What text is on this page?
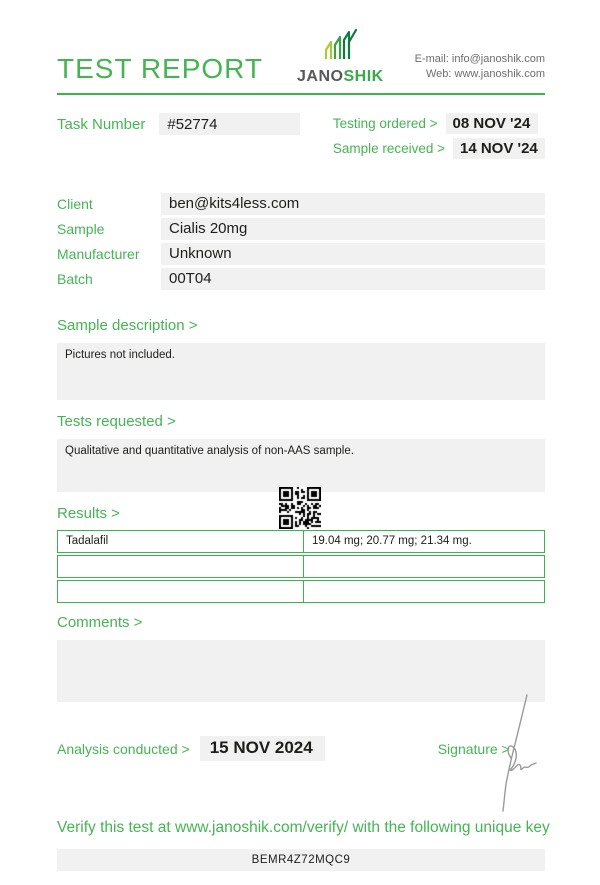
TEST REPORT JANOSHIK
E-mail: info@janoshik.com
Web: www.janoshik.com
Task Number	#52774	Testing ordered >	08 NOV '24
Sample received >	14 NOV '24
Client	ben@kits4less.com
Sample	Cialis 20mg
Manufacturer	Unknown
Batch	00T04
Sample description >
Pictures not included.
Tests requested >
Qualitative and quantitative analysis of non-AAS sample.
Results >
Tadalafil	19.04 mg; 20.77 mg; 21.34 mg.
Comments >
Analysis conducted >	15 NOV 2024	Signature >
Verify this test at www.janoshik.com/verify/ with the following unique key
BEMR4Z72MQC9
